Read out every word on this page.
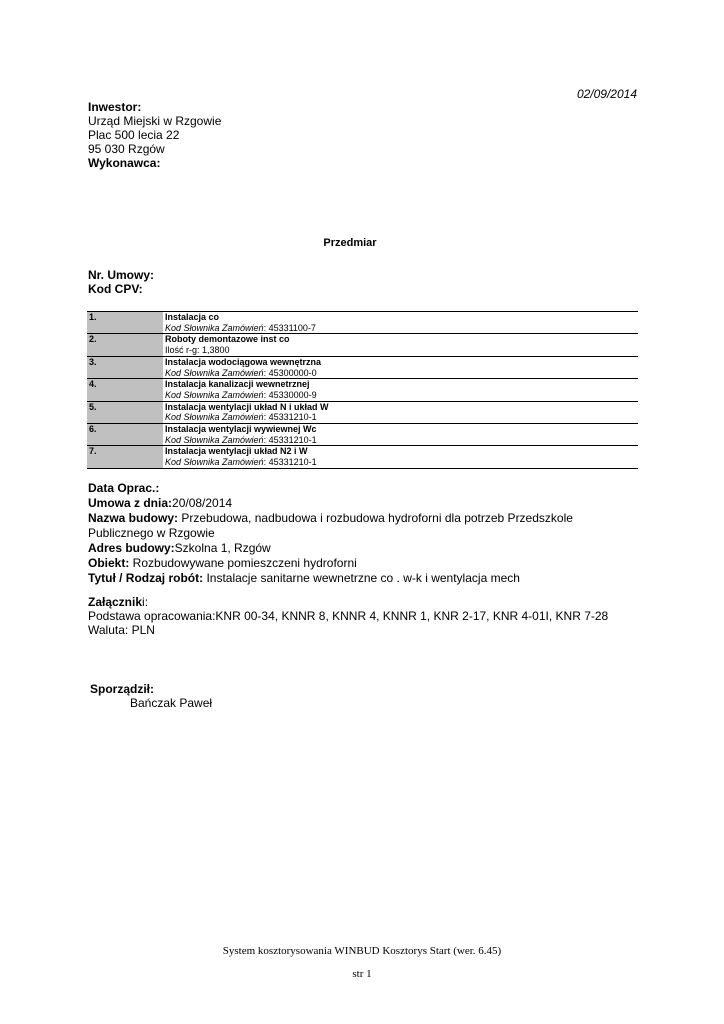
02/09/2014
Inwestor:
Urząd Miejski w Rzgowie
Plac 500 lecia 22
95 030 Rzgów
Wykonawca:
Przedmiar
Nr. Umowy:
Kod CPV:
1.	Instalacja co
Kod Słownika Zamówień: 45331100-7

2.	Roboty demontazowe inst co
Ilość r-g: 1,3800

3.	Instalacja wodociągowa wewnętrzna
Kod Słownika Zamówień: 45300000-0

4.	Instalacja kanalizacji wewnetrznej
Kod Słownika Zamówień: 45330000-9

5.	Instalacja wentylacji układ N i układ W
Kod Słownika Zamówień: 45331210-1

6.	Instalacja wentylacji wywiewnej Wc
Kod Słownika Zamówień: 45331210-1

7.	Instalacja wentylacji układ N2 i W
Kod Słownika Zamówień: 45331210-1
Data Oprac.:
Umowa z dnia:20/08/2014
Nazwa budowy: Przebudowa, nadbudowa i rozbudowa hydroforni dla potrzeb Przedszkole Publicznego w Rzgowie
Adres budowy:Szkolna 1, Rzgów
Obiekt: Rozbudowywane pomieszczeni hydroforni
Tytuł / Rodzaj robót: Instalacje sanitarne wewnetrzne co . w-k i wentylacja mech
Załączniki:
Podstawa opracowania:KNR 00-34, KNNR 8, KNNR 4, KNNR 1, KNR 2-17, KNR 4-01I, KNR 7-28
Waluta: PLN
Sporządził:
Bańczak Paweł
System kosztorysowania WINBUD Kosztorys Start (wer. 6.45)
str 1
